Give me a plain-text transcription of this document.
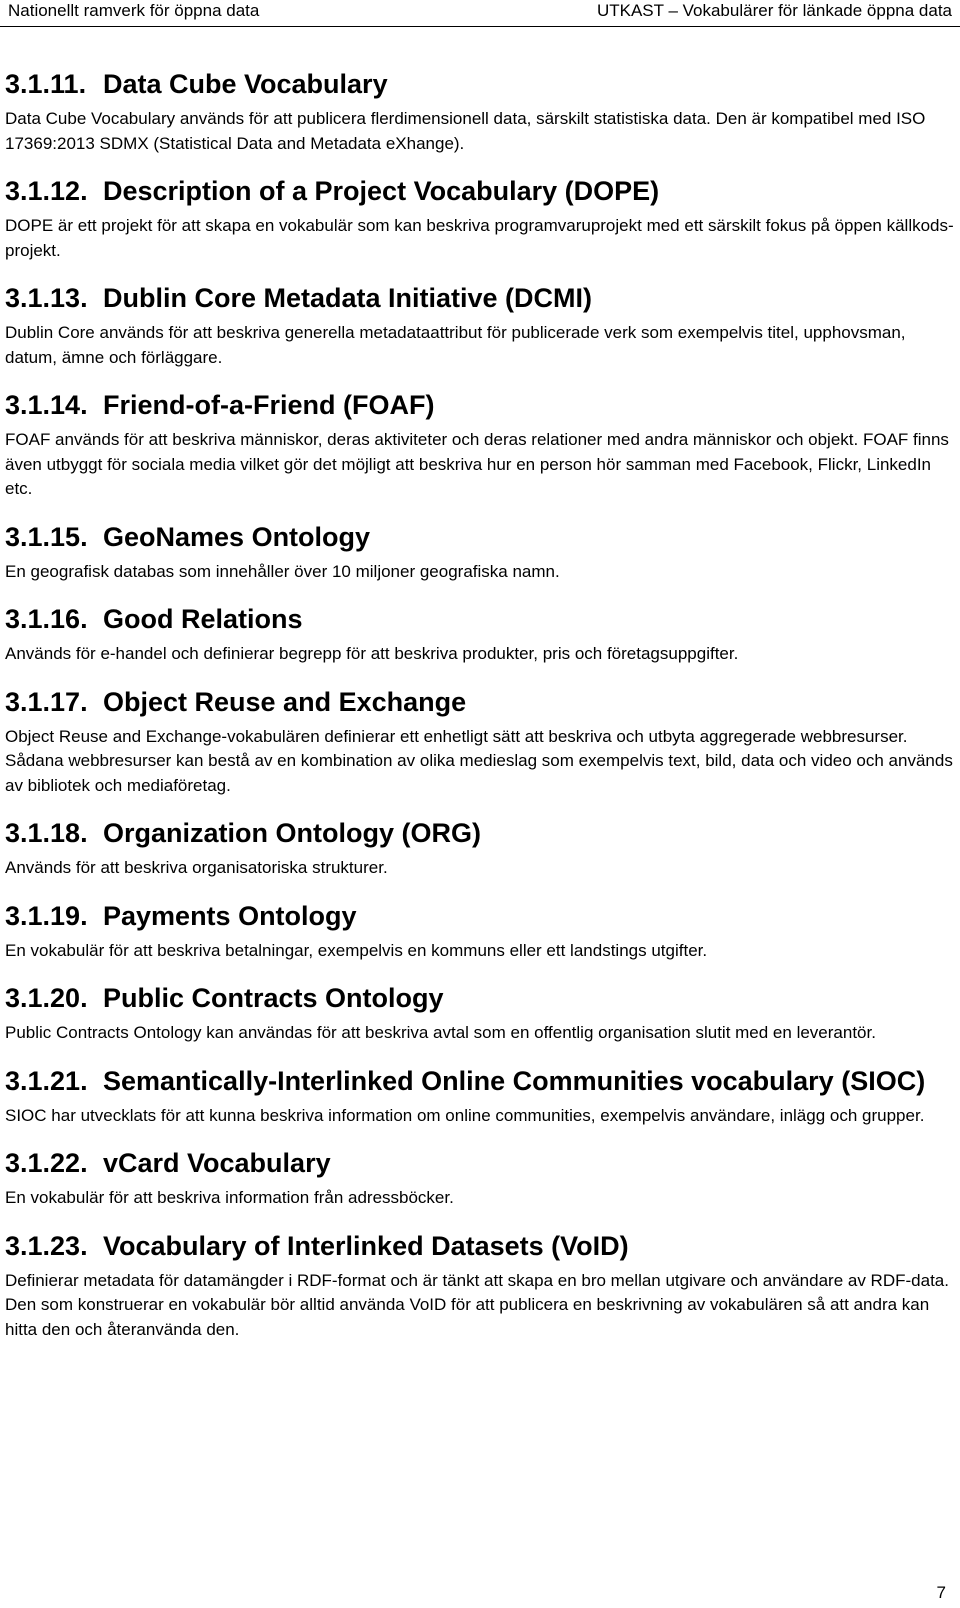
Nationellt ramverk för öppna data	UTKAST – Vokabulärer för länkade öppna data
3.1.11. Data Cube Vocabulary

Data Cube Vocabulary används för att publicera flerdimensionell data, särskilt statistiska data. Den är kompatibel med ISO 17369:2013 SDMX (Statistical Data and Metadata eXhange).

3.1.12. Description of a Project Vocabulary (DOPE)

DOPE är ett projekt för att skapa en vokabulär som kan beskriva programvaruprojekt med ett särskilt fokus på öppen källkods-projekt.

3.1.13. Dublin Core Metadata Initiative (DCMI)

Dublin Core används för att beskriva generella metadataattribut för publicerade verk som exempelvis titel, upphovsman, datum, ämne och förläggare.

3.1.14. Friend-of-a-Friend (FOAF)

FOAF används för att beskriva människor, deras aktiviteter och deras relationer med andra människor och objekt. FOAF finns även utbyggt för sociala media vilket gör det möjligt att beskriva hur en person hör samman med Facebook, Flickr, LinkedIn etc.

3.1.15. GeoNames Ontology

En geografisk databas som innehåller över 10 miljoner geografiska namn.

3.1.16. Good Relations

Används för e-handel och definierar begrepp för att beskriva produkter, pris och företagsuppgifter.

3.1.17. Object Reuse and Exchange

Object Reuse and Exchange-vokabulären definierar ett enhetligt sätt att beskriva och utbyta aggregerade webbresurser. Sådana webbresurser kan bestå av en kombination av olika medieslag som exempelvis text, bild, data och video och används av bibliotek och mediaföretag.

3.1.18. Organization Ontology (ORG)

Används för att beskriva organisatoriska strukturer.

3.1.19. Payments Ontology

En vokabulär för att beskriva betalningar, exempelvis en kommuns eller ett landstings utgifter.

3.1.20. Public Contracts Ontology

Public Contracts Ontology kan användas för att beskriva avtal som en offentlig organisation slutit med en leverantör.

3.1.21. Semantically-Interlinked Online Communities vocabulary (SIOC)

SIOC har utvecklats för att kunna beskriva information om online communities, exempelvis användare, inlägg och grupper.

3.1.22. vCard Vocabulary

En vokabulär för att beskriva information från adressböcker.

3.1.23. Vocabulary of Interlinked Datasets (VoID)

Definierar metadata för datamängder i RDF-format och är tänkt att skapa en bro mellan utgivare och användare av RDF-data. Den som konstruerar en vokabulär bör alltid använda VoID för att publicera en beskrivning av vokabulären så att andra kan hitta den och återanvända den.

7
